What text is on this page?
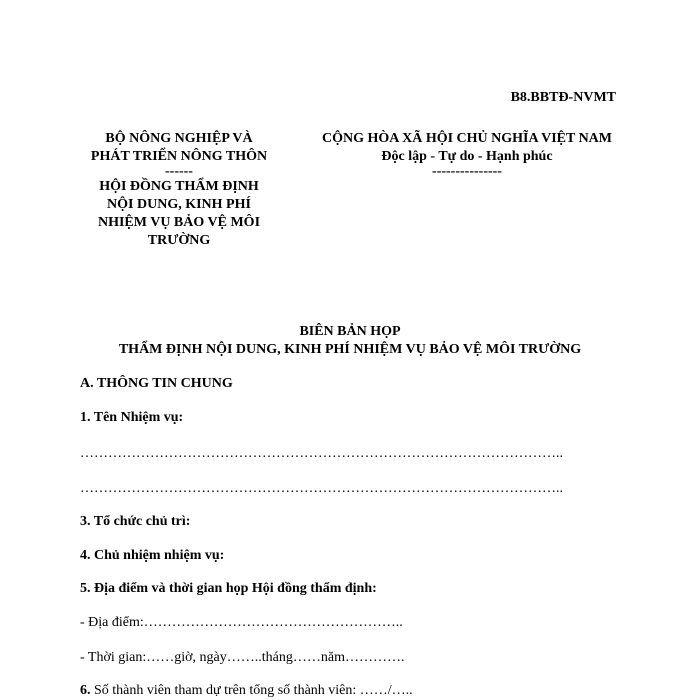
B8.BBTĐ-NVMT
BỘ NÔNG NGHIỆP VÀ
PHÁT TRIỂN NÔNG THÔN
------
HỘI ĐỒNG THẨM ĐỊNH
NỘI DUNG, KINH PHÍ
NHIỆM VỤ BẢO VỆ MÔI
TRƯỜNG
CỘNG HÒA XÃ HỘI CHỦ NGHĨA VIỆT NAM
Độc lập - Tự do - Hạnh phúc
---------------
BIÊN BẢN HỌP
THẨM ĐỊNH NỘI DUNG, KINH PHÍ NHIỆM VỤ BẢO VỆ MÔI TRƯỜNG
A. THÔNG TIN CHUNG
1. Tên Nhiệm vụ:
…………………………………………………………………………………………..
…………………………………………………………………………………………..
3. Tổ chức chủ trì:
4. Chủ nhiệm nhiệm vụ:
5. Địa điểm và thời gian họp Hội đồng thẩm định:
- Địa điểm:………………………………………………..
- Thời gian:……giờ, ngày……..tháng……năm………….
6. Số thành viên tham dự trên tổng số thành viên: ……/…..
